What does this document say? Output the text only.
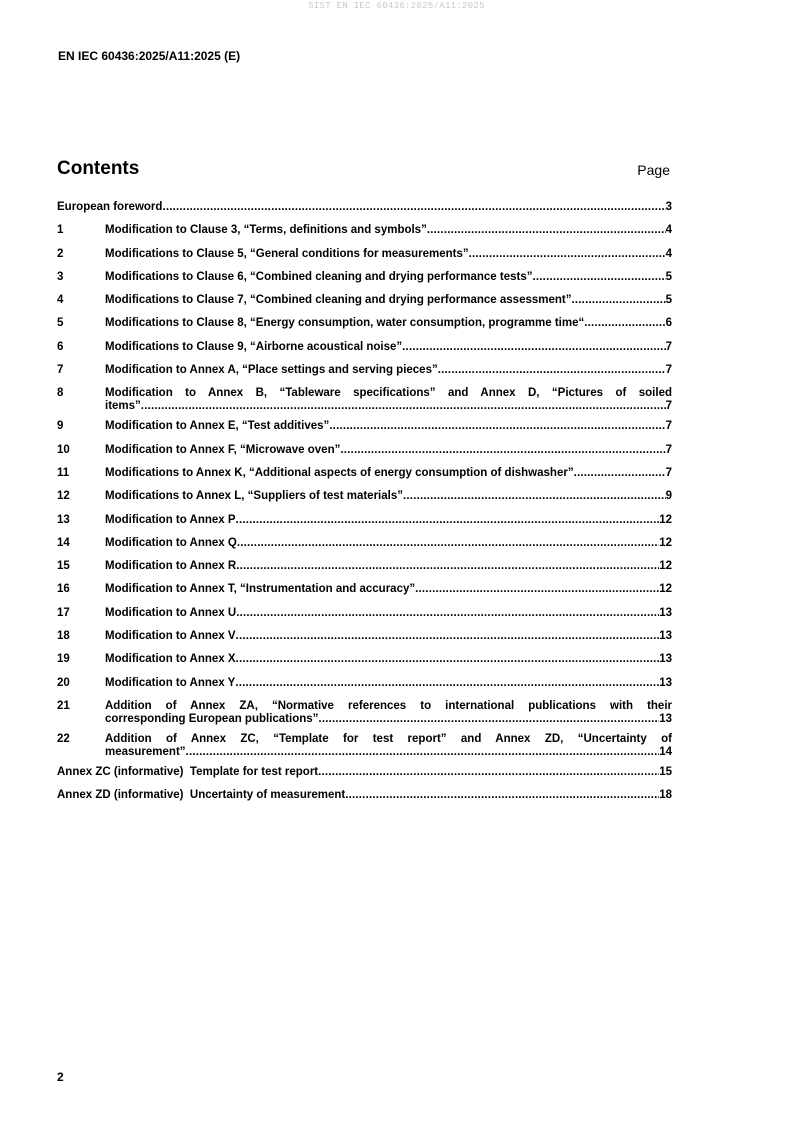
SIST EN IEC 60436:2025/A11:2025
EN IEC 60436:2025/A11:2025 (E)
Contents	Page
European foreword .....	3
1	Modification to Clause 3, “Terms, definitions and symbols” .....	4
2	Modifications to Clause 5, “General conditions for measurements” .....	4
3	Modifications to Clause 6, “Combined cleaning and drying performance tests” .....	5
4	Modifications to Clause 7, “Combined cleaning and drying performance assessment” .....	5
5	Modifications to Clause 8, “Energy consumption, water consumption, programme time“ .....	6
6	Modifications to Clause 9, “Airborne acoustical noise” .....	7
7	Modification to Annex A, “Place settings and serving pieces” .....	7
8	Modification to Annex B, “Tableware specifications” and Annex D, “Pictures of soiled
items” .....	7
9	Modification to Annex E, “Test additives” .....	7
10	Modification to Annex F, “Microwave oven” .....	7
11	Modifications to Annex K, “Additional aspects of energy consumption of dishwasher” .....	7
12	Modifications to Annex L, “Suppliers of test materials” .....	9
13	Modification to Annex P .....	12
14	Modification to Annex Q .....	12
15	Modification to Annex R .....	12
16	Modification to Annex T, “Instrumentation and accuracy” .....	12
17	Modification to Annex U .....	13
18	Modification to Annex V .....	13
19	Modification to Annex X .....	13
20	Modification to Annex Y .....	13
21	Addition of Annex ZA, “Normative references to international publications with their
corresponding European publications” .....	13
22	Addition of Annex ZC, “Template for test report” and Annex ZD, “Uncertainty of
measurement” .....	14
Annex ZC (informative)  Template for test report .....	15
Annex ZD (informative)  Uncertainty of measurement .....	18
2
